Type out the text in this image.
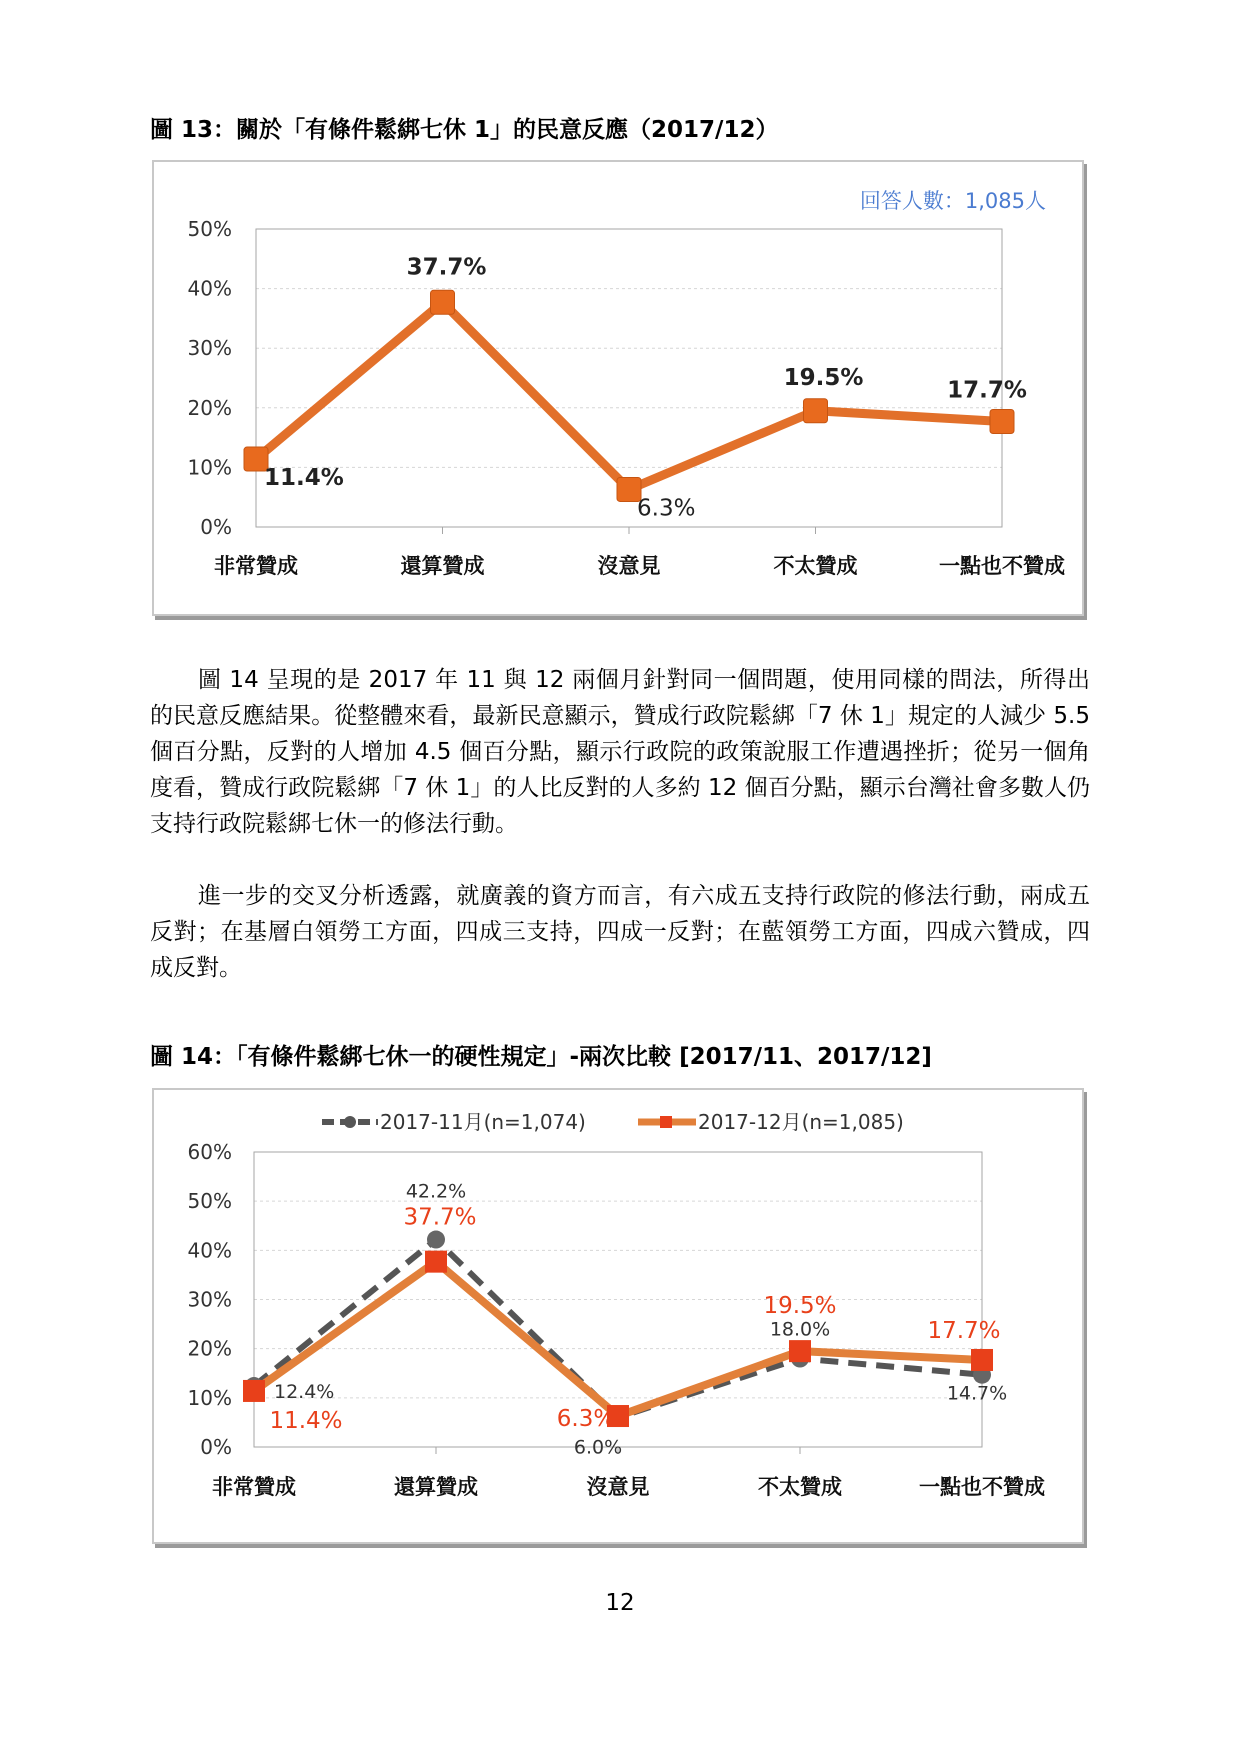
圖 13：關於「有條件鬆綁七休 1」的民意反應（2017/12）
0%
10%
20%
30%
40%
50%
非常贊成	還算贊成	沒意見	不太贊成	一點也不贊成
回答人數：1,085人
11.4%
37.7%
6.3%
19.5%	17.7%

圖 14 呈現的是 2017 年 11 與 12 兩個月針對同一個問題，使用同樣的問法，所得出的民意反應結果。從整體來看，最新民意顯示，贊成行政院鬆綁「7 休 1」規定的人減少 5.5 個百分點，反對的人增加 4.5 個百分點，顯示行政院的政策說服工作遭遇挫折；從另一個角度看，贊成行政院鬆綁「7 休 1」的人比反對的人多約 12 個百分點，顯示台灣社會多數人仍支持行政院鬆綁七休一的修法行動。

進一步的交叉分析透露，就廣義的資方而言，有六成五支持行政院的修法行動，兩成五反對；在基層白領勞工方面，四成三支持，四成一反對；在藍領勞工方面，四成六贊成，四成反對。

圖 14：「有條件鬆綁七休一的硬性規定」-兩次比較 [2017/11、2017/12]
0%
10%
20%
30%
40%
50%
60%
非常贊成	還算贊成	沒意見	不太贊成	一點也不贊成
2017-11月(n=1,074)	2017-12月(n=1,085)
12.4%
42.2%
6.0%
18.0%
14.7%
11.4%
37.7%
6.3%
19.5%
17.7%
12
